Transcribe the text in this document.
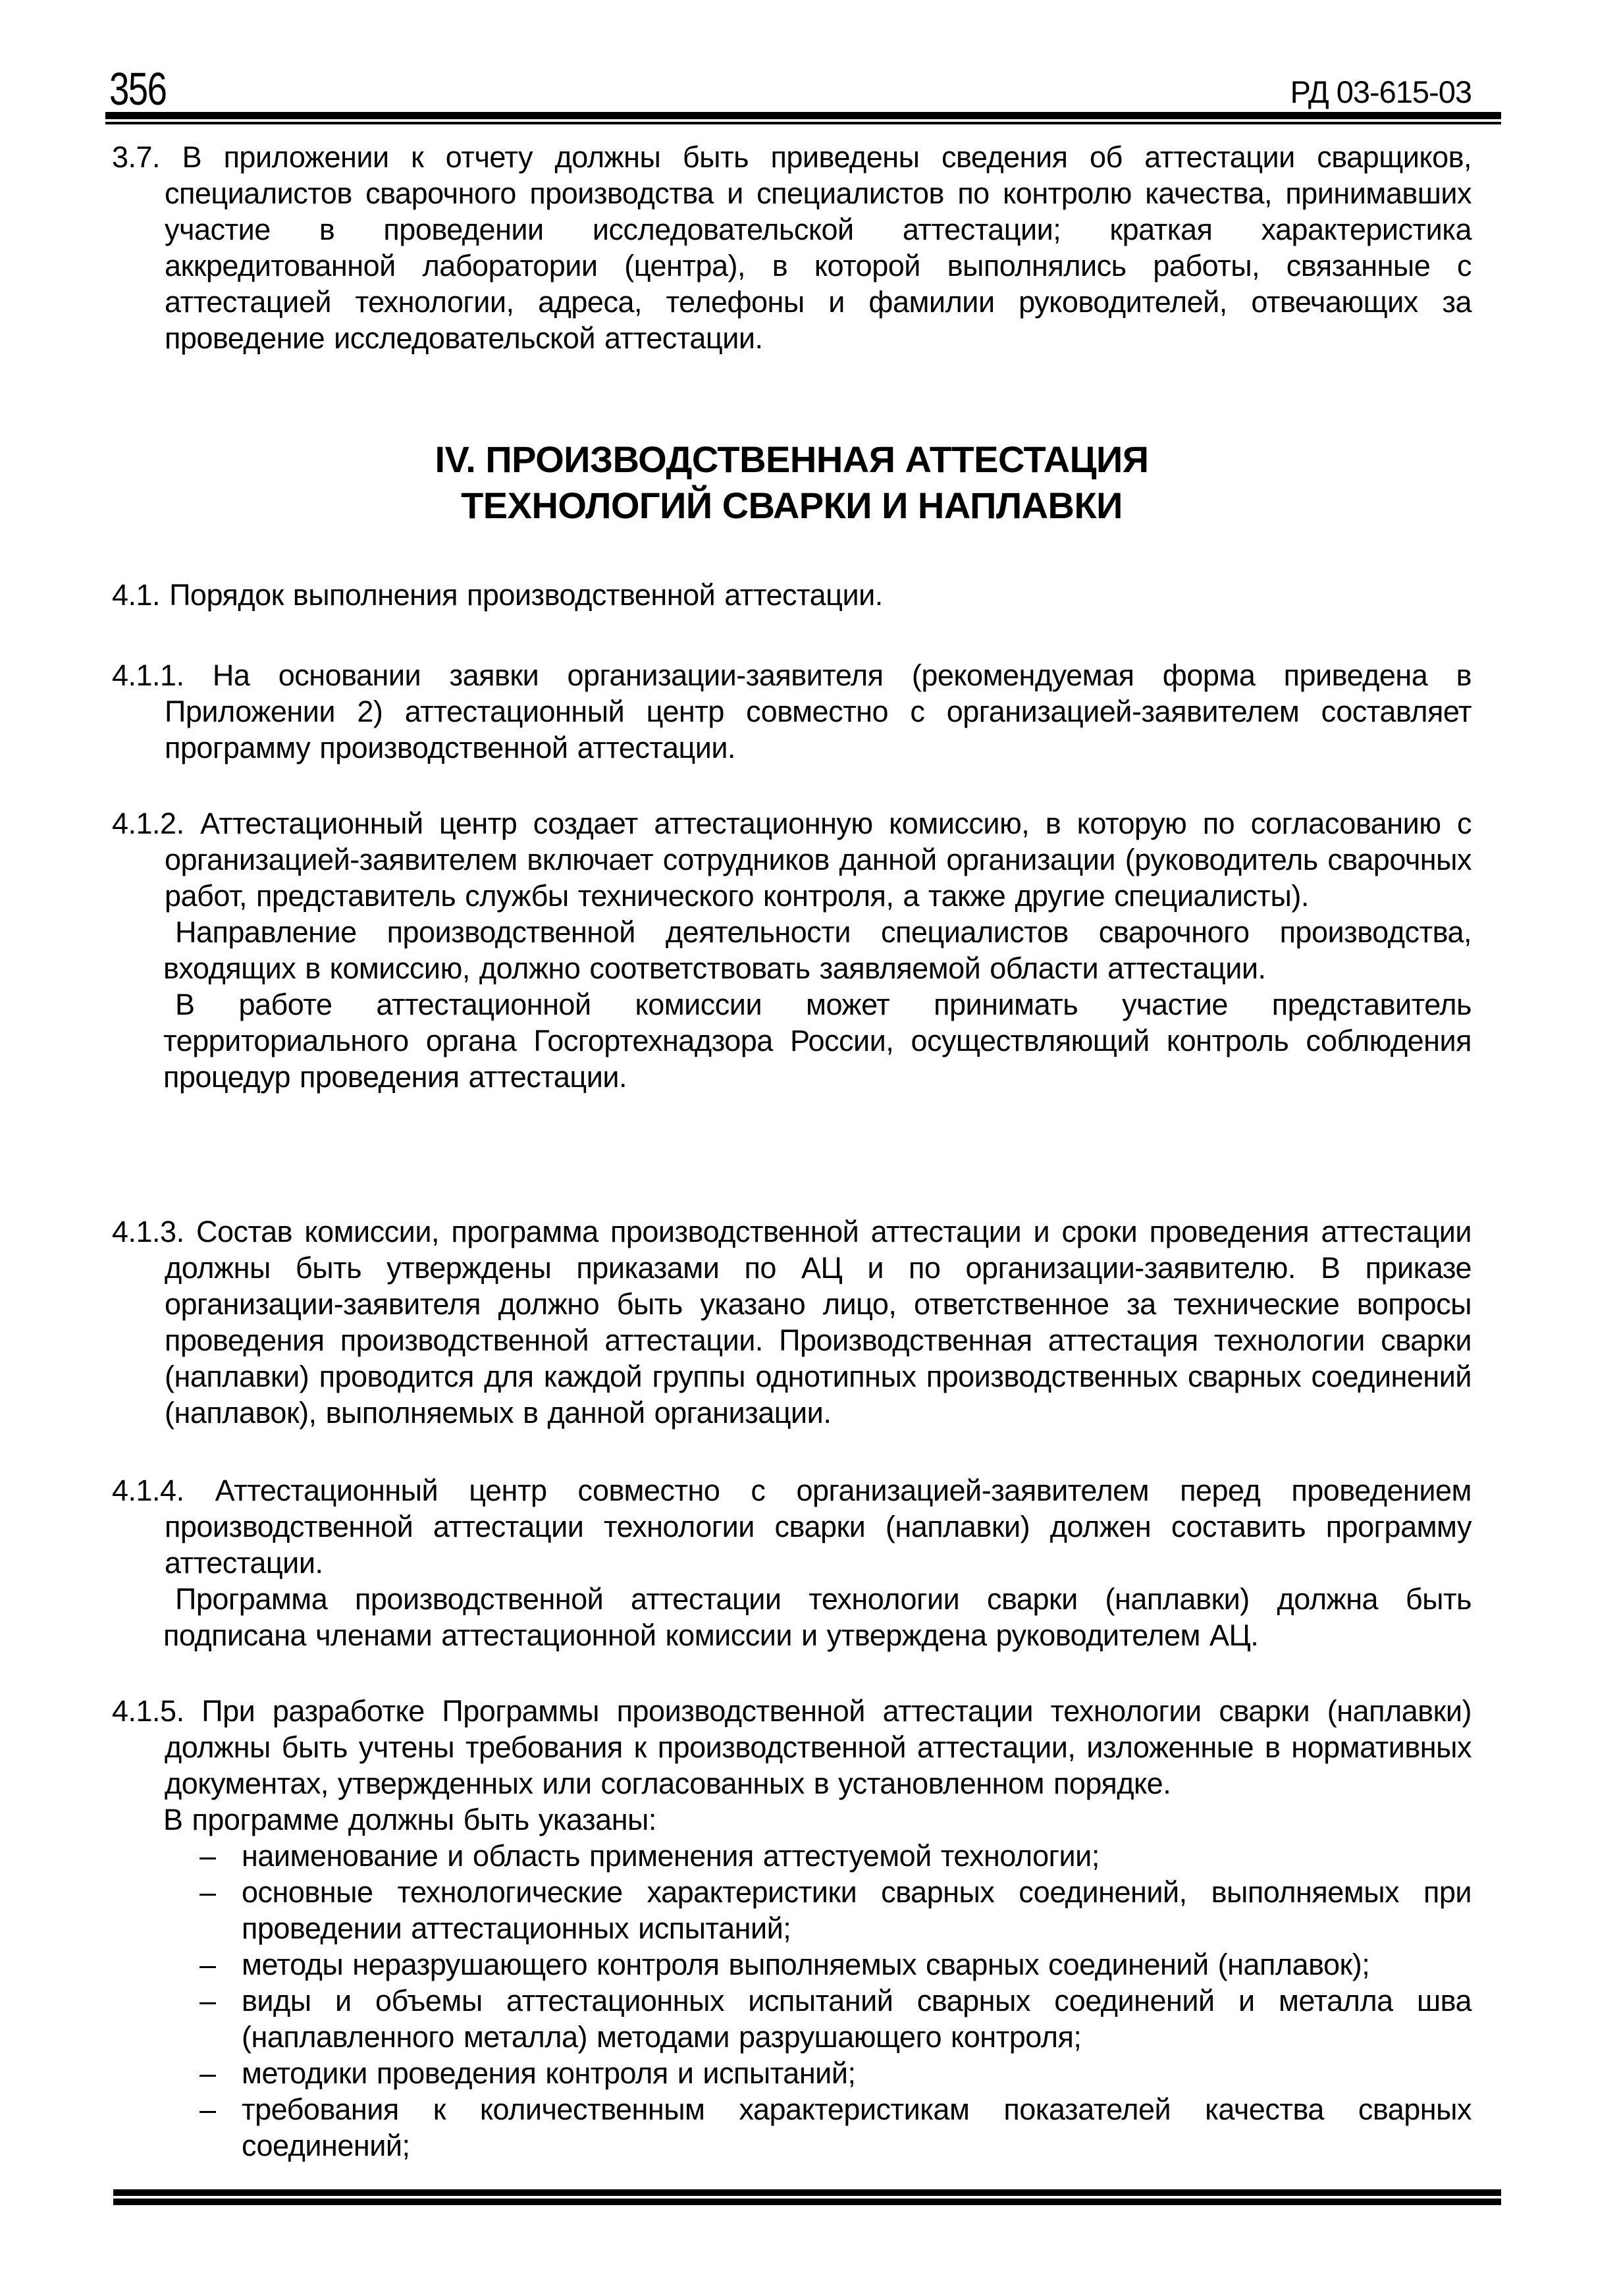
356	РД 03-615-03
3.7. В приложении к отчету должны быть приведены сведения об аттестации сварщиков, специалистов сварочного производства и специалистов по контролю качества, принимавших участие в проведении исследовательской аттестации; краткая характеристика аккредитованной лаборатории (центра), в которой выполнялись работы, связанные с аттестацией технологии, адреса, телефоны и фамилии руководителей, отвечающих за проведение исследовательской аттестации.
IV. ПРОИЗВОДСТВЕННАЯ АТТЕСТАЦИЯ
ТЕХНОЛОГИЙ СВАРКИ И НАПЛАВКИ
4.1. Порядок выполнения производственной аттестации.
4.1.1. На основании заявки организации-заявителя (рекомендуемая форма приведена в Приложении 2) аттестационный центр совместно с организацией-заявителем составляет программу производственной аттестации.
4.1.2. Аттестационный центр создает аттестационную комиссию, в которую по согласованию с организацией-заявителем включает сотрудников данной организации (руководитель сварочных работ, представитель службы технического контроля, а также другие специалисты).
Направление производственной деятельности специалистов сварочного производства, входящих в комиссию, должно соответствовать заявляемой области аттестации.
В работе аттестационной комиссии может принимать участие представитель территориального органа Госгортехнадзора России, осуществляющий контроль соблюдения процедур проведения аттестации.
4.1.3. Состав комиссии, программа производственной аттестации и сроки проведения аттестации должны быть утверждены приказами по АЦ и по организации-заявителю. В приказе организации-заявителя должно быть указано лицо, ответственное за технические вопросы проведения производственной аттестации. Производственная аттестация технологии сварки (наплавки) проводится для каждой группы однотипных производственных сварных соединений (наплавок), выполняемых в данной организации.
4.1.4. Аттестационный центр совместно с организацией-заявителем перед проведением производственной аттестации технологии сварки (наплавки) должен составить программу аттестации.
Программа производственной аттестации технологии сварки (наплавки) должна быть подписана членами аттестационной комиссии и утверждена руководителем АЦ.
4.1.5. При разработке Программы производственной аттестации технологии сварки (наплавки) должны быть учтены требования к производственной аттестации, изложенные в нормативных документах, утвержденных или согласованных в установленном порядке.
В программе должны быть указаны:
– наименование и область применения аттестуемой технологии;
– основные технологические характеристики сварных соединений, выполняемых при проведении аттестационных испытаний;
– методы неразрушающего контроля выполняемых сварных соединений (наплавок);
– виды и объемы аттестационных испытаний сварных соединений и металла шва (наплавленного металла) методами разрушающего контроля;
– методики проведения контроля и испытаний;
– требования к количественным характеристикам показателей качества сварных соединений;
